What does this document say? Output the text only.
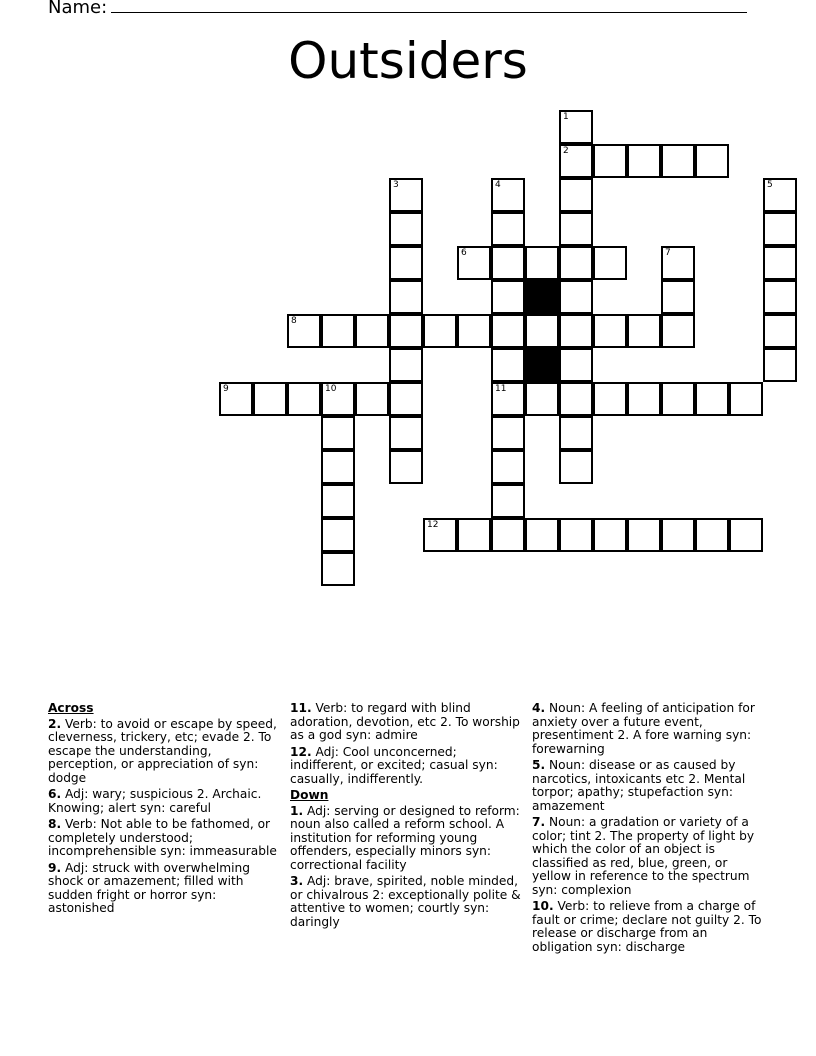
Name:
Outsiders
1
2
3	4
11
5
6	7
8
9	10
12
Across
2. Verb: to avoid or escape by speed, cleverness, trickery, etc; evade 2. To escape the understanding, perception, or appreciation of syn: dodge
6. Adj: wary; suspicious 2. Archaic. Knowing; alert syn: careful
8. Verb: Not able to be fathomed, or completely understood; incomprehensible syn: immeasurable
9. Adj: struck with overwhelming shock or amazement; filled with sudden fright or horror syn: astonished
11. Verb: to regard with blind adoration, devotion, etc 2. To worship as a god syn: admire
12. Adj: Cool unconcerned; indifferent, or excited; casual syn: casually, indifferently.
Down
1. Adj: serving or designed to reform: noun also called a reform school. A institution for reforming young offenders, especially minors syn: correctional facility
3. Adj: brave, spirited, noble minded, or chivalrous 2: exceptionally polite & attentive to women; courtly syn: daringly
4. Noun: A feeling of anticipation for anxiety over a future event, presentiment 2. A fore warning syn: forewarning
5. Noun: disease or as caused by narcotics, intoxicants etc 2. Mental torpor; apathy; stupefaction syn: amazement
7. Noun: a gradation or variety of a color; tint 2. The property of light by which the color of an object is classified as red, blue, green, or yellow in reference to the spectrum syn: complexion
10. Verb: to relieve from a charge of fault or crime; declare not guilty 2. To release or discharge from an obligation syn: discharge
